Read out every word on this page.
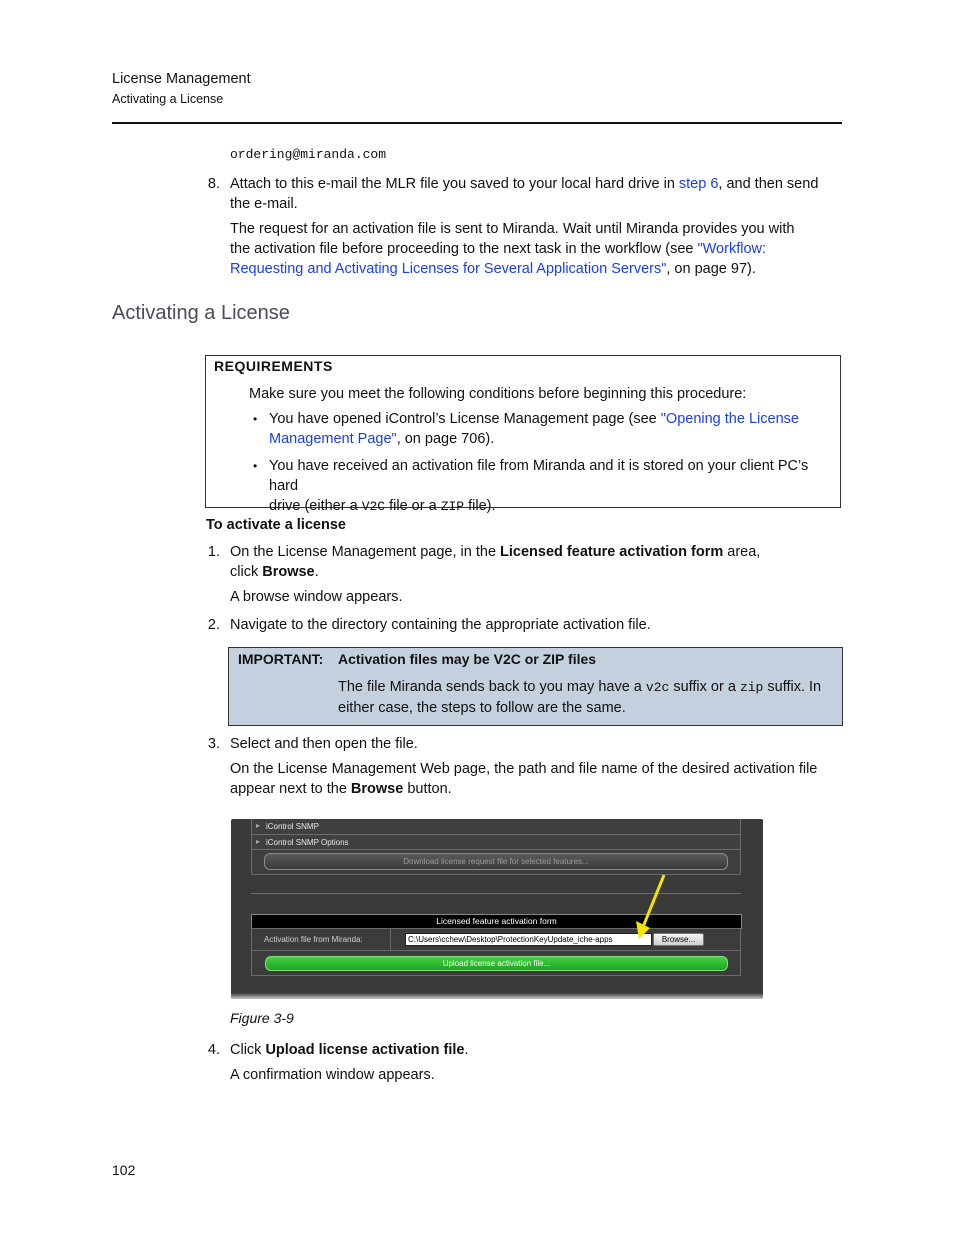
License Management
Activating a License
ordering@miranda.com
8. Attach to this e-mail the MLR file you saved to your local hard drive in step 6, and then send
the e-mail.
The request for an activation file is sent to Miranda. Wait until Miranda provides you with
the activation file before proceeding to the next task in the workflow (see "Workflow:
Requesting and Activating Licenses for Several Application Servers", on page 97).
Activating a License
REQUIREMENTS
Make sure you meet the following conditions before beginning this procedure:
• You have opened iControl’s License Management page (see "Opening the License
Management Page", on page 706).
• You have received an activation file from Miranda and it is stored on your client PC’s hard
drive (either a V2C file or a ZIP file).
To activate a license
1. On the License Management page, in the Licensed feature activation form area,
click Browse.
A browse window appears.
2. Navigate to the directory containing the appropriate activation file.
IMPORTANT: Activation files may be V2C or ZIP files
The file Miranda sends back to you may have a v2c suffix or a zip suffix. In
either case, the steps to follow are the same.
3. Select and then open the file.
On the License Management Web page, the path and file name of the desired activation file
appear next to the Browse button.
▸ iControl SNMP
▸ iControl SNMP Options
Download license request file for selected features...
Licensed feature activation form
Activation file from Miranda:	C:\Users\cchew\Desktop\ProtectionKeyUpdate_iche-apps	Browse...
Upload license activation file...
Figure 3-9
4. Click Upload license activation file.
A confirmation window appears.
102
